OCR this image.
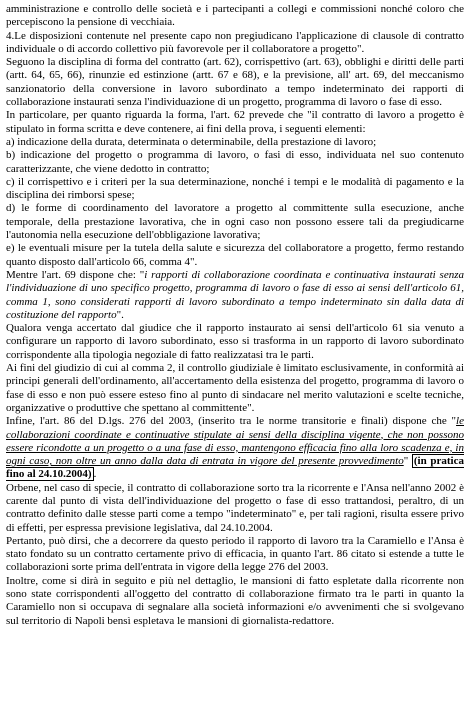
amministrazione e controllo delle società e i partecipanti a collegi e commissioni nonché coloro che percepiscono la pensione di vecchiaia.

4.Le disposizioni contenute nel presente capo non pregiudicano l'applicazione di clausole di contratto individuale o di accordo collettivo più favorevole per il collaboratore a progetto".

Seguono la disciplina di forma del contratto (art. 62), corrispettivo (art. 63), obblighi e diritti delle parti (artt. 64, 65, 66), rinunzie ed estinzione (artt. 67 e 68), e la previsione, all' art. 69, del meccanismo sanzionatorio della conversione in lavoro subordinato a tempo indeterminato dei rapporti di collaborazione instaurati senza l'individuazione di un progetto, programma di lavoro o fase di esso.

In particolare, per quanto riguarda la forma, l'art. 62 prevede che "il contratto di lavoro a progetto è stipulato in forma scritta e deve contenere, ai fini della prova, i seguenti elementi:

a) indicazione della durata, determinata o determinabile, della prestazione di lavoro;

b) indicazione del progetto o programma di lavoro, o fasi di esso, individuata nel suo contenuto caratterizzante, che viene dedotto in contratto;

c) il corrispettivo e i criteri per la sua determinazione, nonché i tempi e le modalità di pagamento e la disciplina dei rimborsi spese;

d) le forme di coordinamento del lavoratore a progetto al committente sulla esecuzione, anche temporale, della prestazione lavorativa, che in ogni caso non possono essere tali da pregiudicarne l'autonomia nella esecuzione dell'obbligazione lavorativa;

e) le eventuali misure per la tutela della salute e sicurezza del collaboratore a progetto, fermo restando quanto disposto dall'articolo 66, comma 4".

Mentre l'art. 69 dispone che: "i rapporti di collaborazione coordinata e continuativa instaurati senza l'individuazione di uno specifico progetto, programma di lavoro o fase di esso ai sensi dell'articolo 61, comma 1, sono considerati rapporti di lavoro subordinato a tempo indeterminato sin dalla data di costituzione del rapporto".

Qualora venga accertato dal giudice che il rapporto instaurato ai sensi dell'articolo 61 sia venuto a configurare un rapporto di lavoro subordinato, esso si trasforma in un rapporto di lavoro subordinato corrispondente alla tipologia negoziale di fatto realizzatasi tra le parti.

Ai fini del giudizio di cui al comma 2, il controllo giudiziale è limitato esclusivamente, in conformità ai principi generali dell'ordinamento, all'accertamento della esistenza del progetto, programma di lavoro o fase di esso e non può essere esteso fino al punto di sindacare nel merito valutazioni e scelte tecniche, organizzative o produttive che spettano al committente".

Infine, l'art. 86 del D.lgs. 276 del 2003, (inserito tra le norme transitorie e finali) dispone che "le collaborazioni coordinate e continuative stipulate ai sensi della disciplina vigente, che non possono essere ricondotte a un progetto o a una fase di esso, mantengono efficacia fino alla loro scadenza e, in ogni caso, non oltre un anno dalla data di entrata in vigore del presente provvedimento" (in pratica fino al 24.10.2004) .

Orbene, nel caso di specie, il contratto di collaborazione sorto tra la ricorrente e l'Ansa nell'anno 2002 è carente dal punto di vista dell'individuazione del progetto o fase di esso trattandosi, peraltro, di un contratto definito dalle stesse parti come a tempo "indeterminato" e, per tali ragioni, risulta essere privo di effetti, per espressa previsione legislativa, dal 24.10.2004.

Pertanto, può dirsi, che a decorrere da questo periodo il rapporto di lavoro tra la Caramiello e l'Ansa è stato fondato su un contratto certamente privo di efficacia, in quanto l'art. 86 citato si estende a tutte le collaborazioni sorte prima dell'entrata in vigore della legge 276 del 2003.

Inoltre, come si dirà in seguito e più nel dettaglio, le mansioni di fatto espletate dalla ricorrente non sono state corrispondenti all'oggetto del contratto di collaborazione firmato tra le parti in quanto la Caramiello non si occupava di segnalare alla società informazioni e/o avvenimenti che si svolgevano sul territorio di Napoli bensì espletava le mansioni di giornalista-redattore.
